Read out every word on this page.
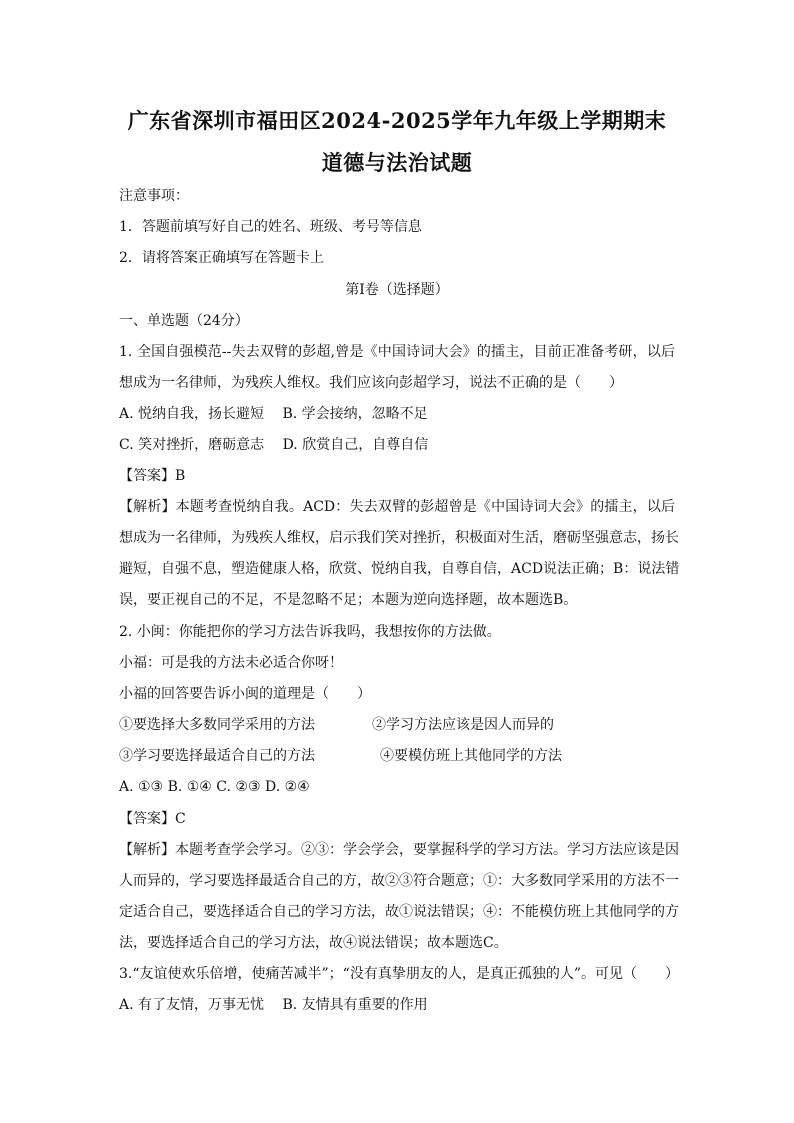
广东省深圳市福田区2024-2025学年九年级上学期期末
道德与法治试题
注意事项：
1．答题前填写好自己的姓名、班级、考号等信息
2．请将答案正确填写在答题卡上
第I卷（选择题）
一、单选题（24分）
1. 全国自强模范--失去双臂的彭超,曾是《中国诗词大会》的擂主，目前正准备考研，以后
想成为一名律师，为残疾人维权。我们应该向彭超学习，说法不正确的是（　　）
A. 悦纳自我，扬长避短　 B. 学会接纳，忽略不足
C. 笑对挫折，磨砺意志　 D. 欣赏自己，自尊自信
【答案】B
【解析】本题考查悦纳自我。ACD：失去双臂的彭超曾是《中国诗词大会》的擂主，以后
想成为一名律师，为残疾人维权，启示我们笑对挫折，积极面对生活，磨砺坚强意志，扬长
避短，自强不息，塑造健康人格，欣赏、悦纳自我，自尊自信，ACD说法正确；B：说法错
误，要正视自己的不足，不是忽略不足；本题为逆向选择题，故本题选B。
2. 小闽：你能把你的学习方法告诉我吗，我想按你的方法做。
小福：可是我的方法未必适合你呀！
小福的回答要告诉小闽的道理是（　　）
①要选择大多数同学采用的方法	②学习方法应该是因人而异的
③学习要选择最适合自己的方法	④要模仿班上其他同学的方法
A. ①③ B. ①④ C. ②③ D. ②④
【答案】C
【解析】本题考查学会学习。②③：学会学会，要掌握科学的学习方法。学习方法应该是因
人而异的，学习要选择最适合自己的方，故②③符合题意；①：大多数同学采用的方法不一
定适合自己，要选择适合自己的学习方法，故①说法错误；④：不能模仿班上其他同学的方
法，要选择适合自己的学习方法，故④说法错误；故本题选C。
3.“友谊使欢乐倍增，使痛苦减半”；“没有真挚朋友的人，是真正孤独的人”。可见（　　）
A. 有了友情，万事无忧　 B. 友情具有重要的作用
